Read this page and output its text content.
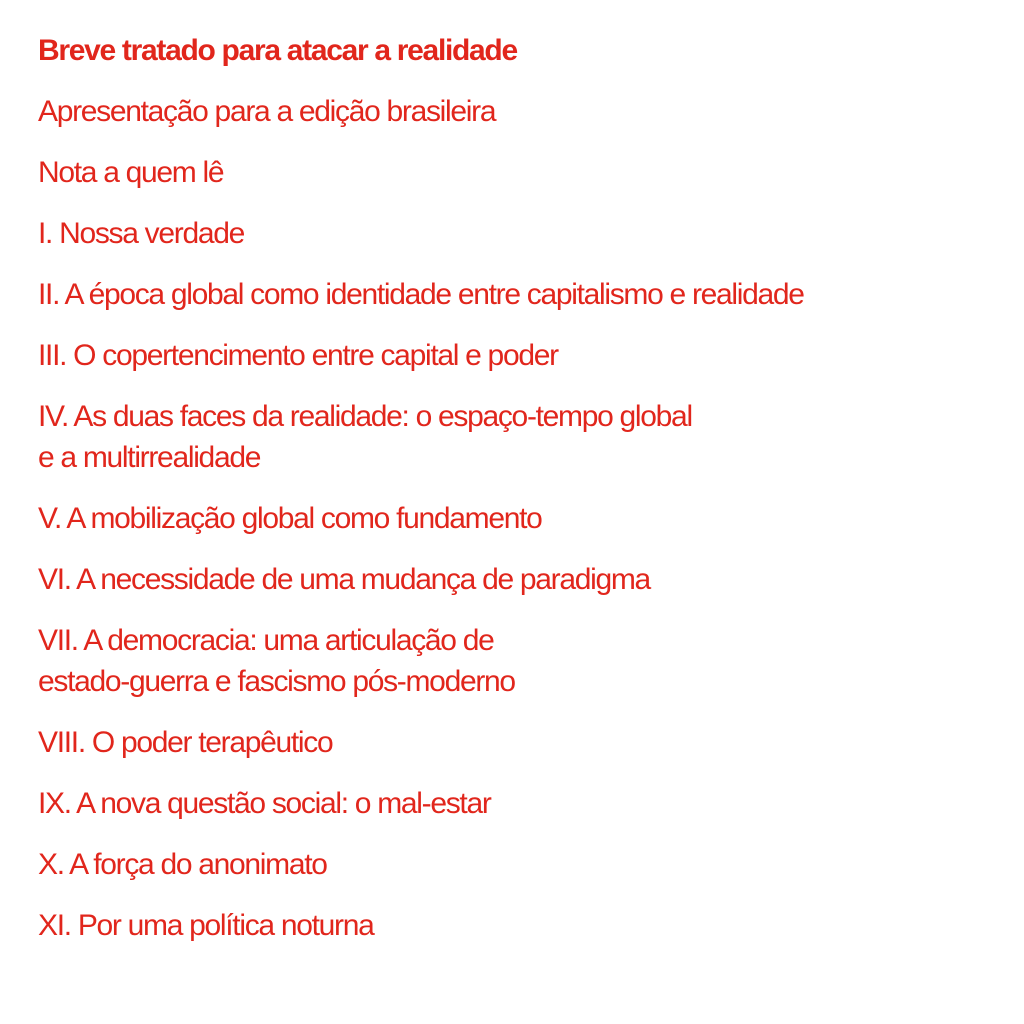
Breve tratado para atacar a realidade
Apresentação para a edição brasileira
Nota a quem lê
I. Nossa verdade
II. A época global como identidade entre capitalismo e realidade
III. O copertencimento entre capital e poder
IV. As duas faces da realidade: o espaço-tempo global
e a multirrealidade
V. A mobilização global como fundamento
VI. A necessidade de uma mudança de paradigma
VII. A democracia: uma articulação de
estado-guerra e fascismo pós-moderno
VIII. O poder terapêutico
IX. A nova questão social: o mal-estar
X. A força do anonimato
XI. Por uma política noturna
